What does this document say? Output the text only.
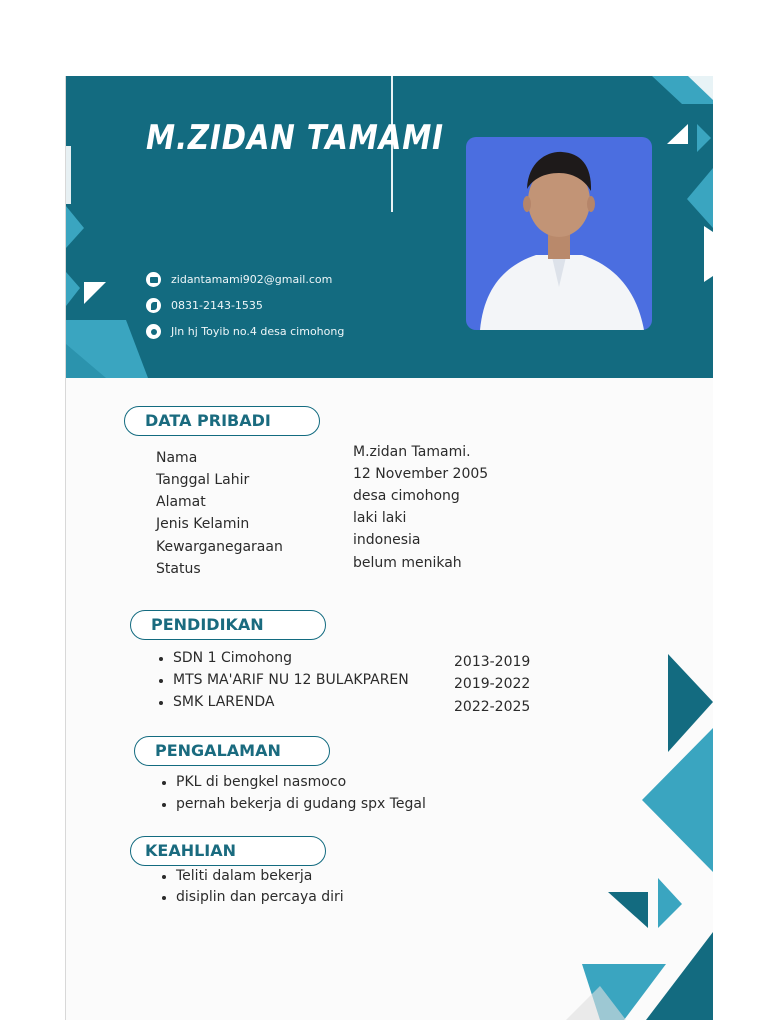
M.ZIDAN TAMAMI
zidantamami902@gmail.com
0831-2143-1535
Jln hj Toyib no.4 desa cimohong
DATA PRIBADI
Nama
Tanggal Lahir
Alamat
Jenis Kelamin
Kewarganegaraan
Status
M.zidan Tamami.
12 November 2005
desa cimohong
laki laki
indonesia
belum menikah
PENDIDIKAN
SDN 1 Cimohong
MTS MA'ARIF NU 12 BULAKPAREN
SMK LARENDA
2013-2019
2019-2022
2022-2025
PENGALAMAN
PKL di bengkel nasmoco
pernah bekerja di gudang spx Tegal
KEAHLIAN
Teliti dalam bekerja
disiplin dan percaya diri
